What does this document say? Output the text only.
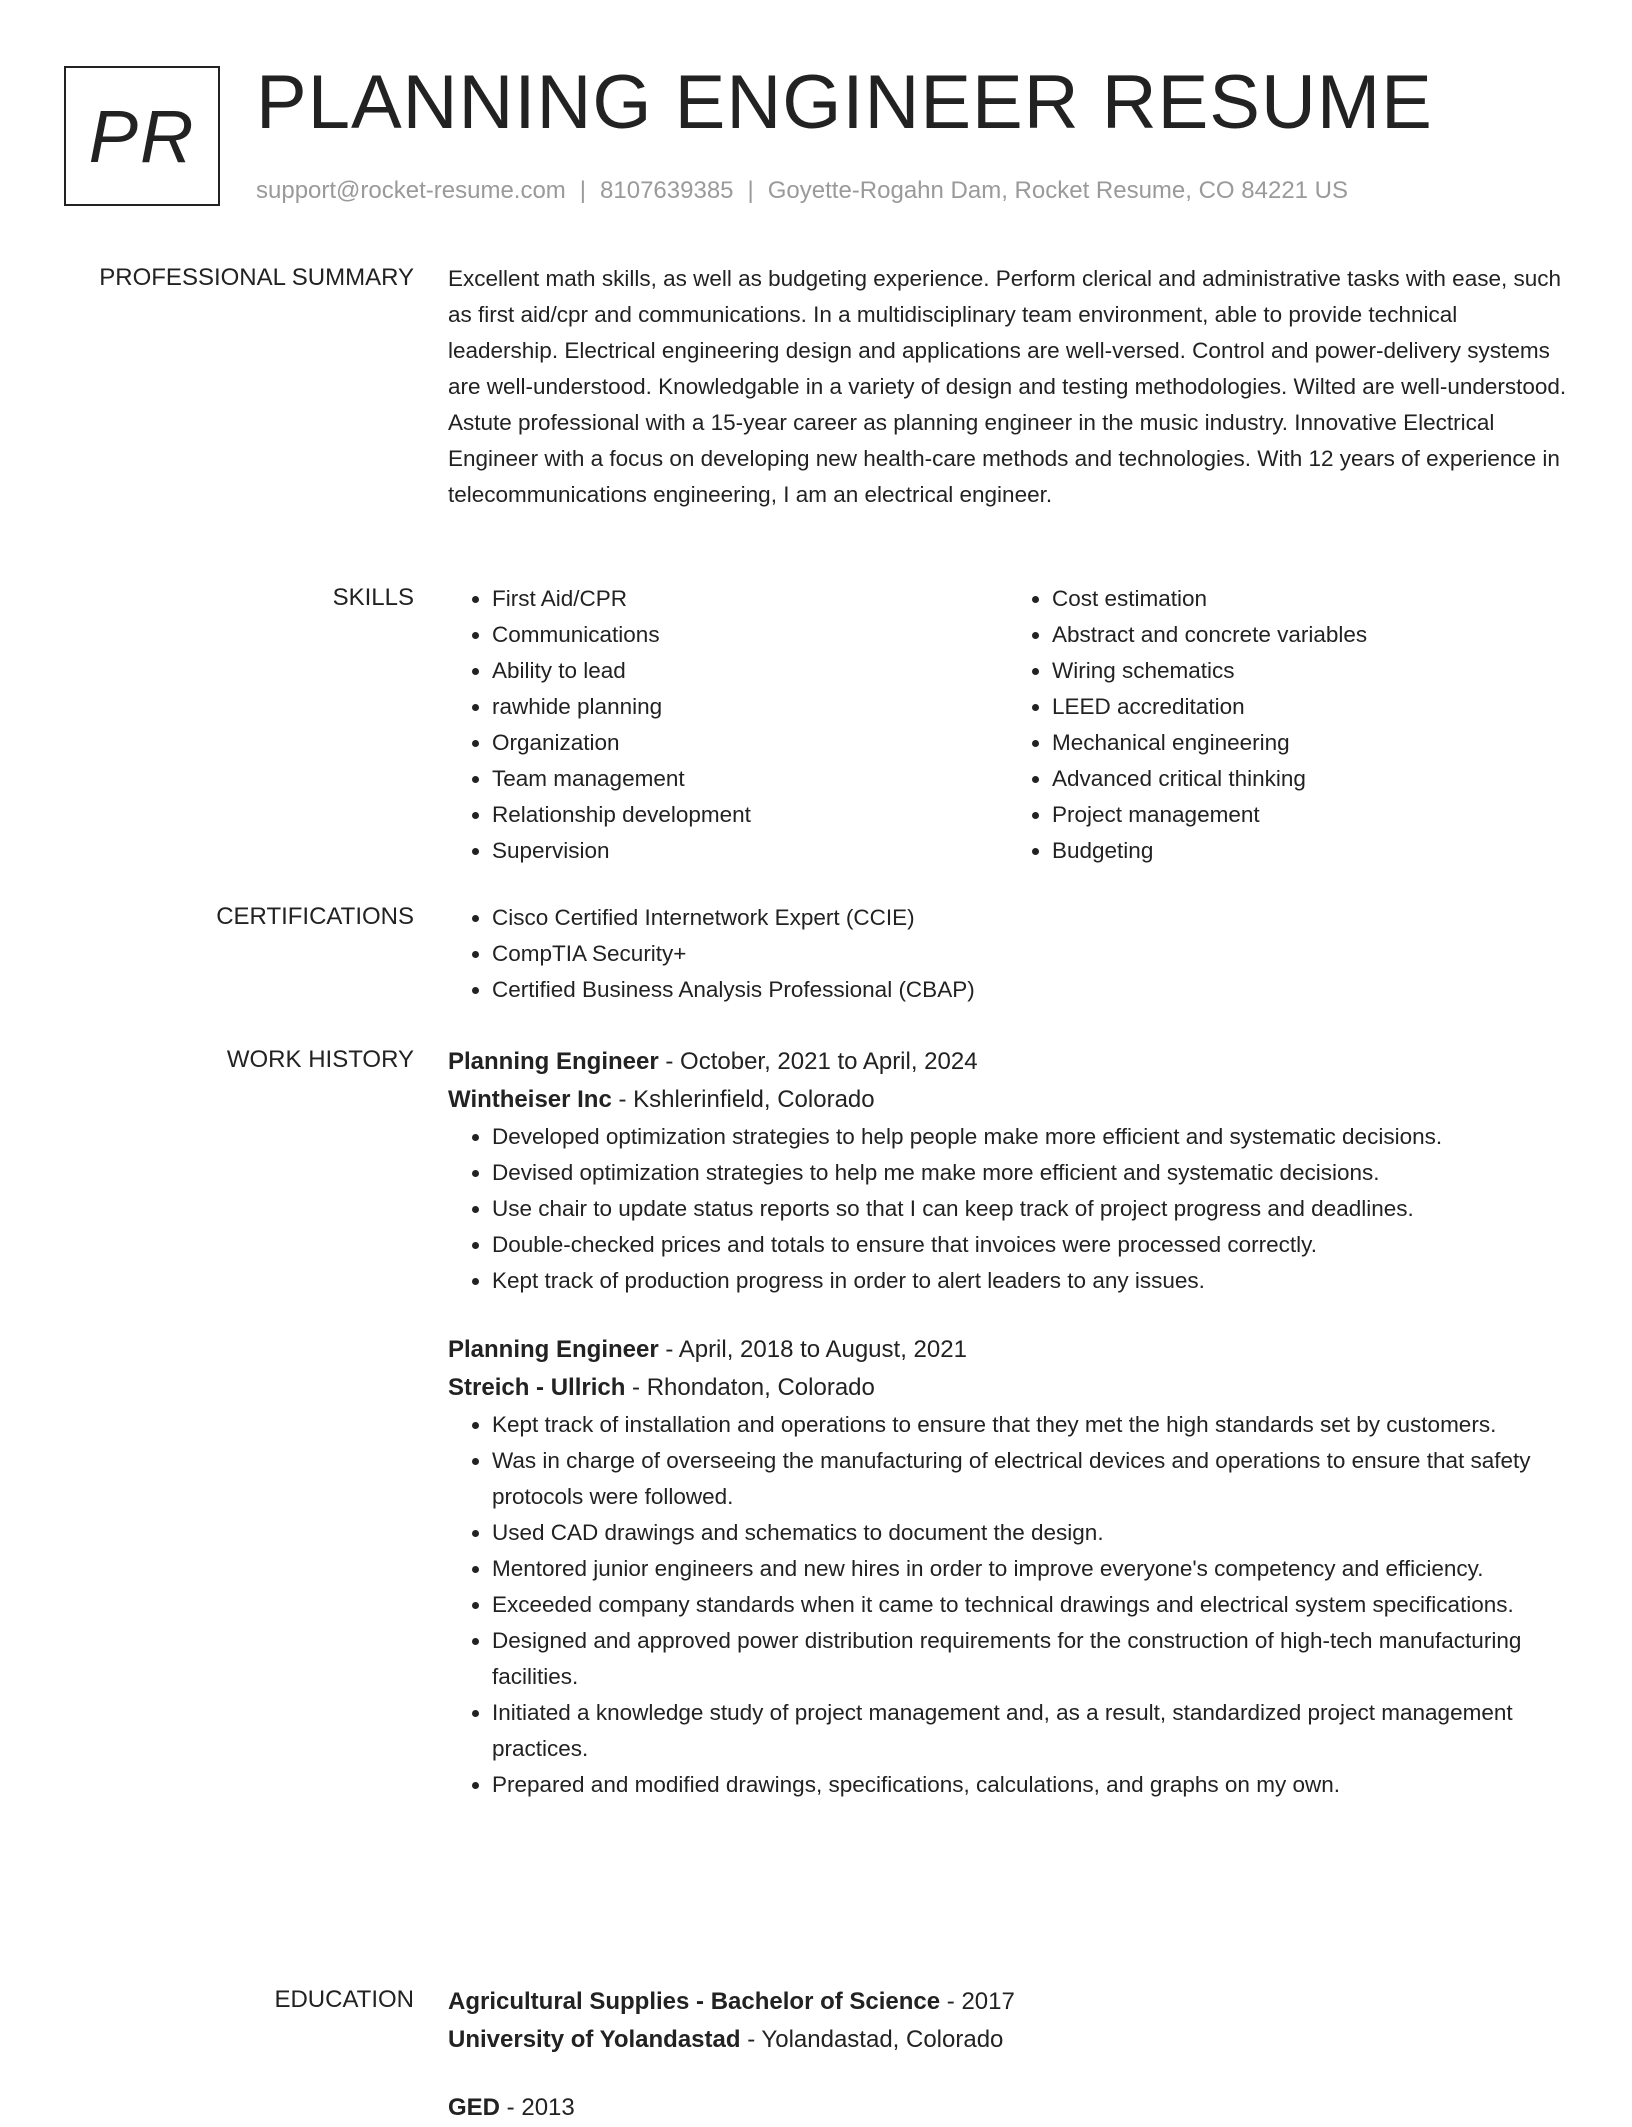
PR PLANNING ENGINEER RESUME
support@rocket-resume.com | 8107639385 | Goyette-Rogahn Dam, Rocket Resume, CO 84221 US
PROFESSIONAL SUMMARY Excellent math skills, as well as budgeting experience. Perform clerical and administrative tasks with ease, such as first aid/cpr and communications. In a multidisciplinary team environment, able to provide technical leadership. Electrical engineering design and applications are well-versed. Control and power-delivery systems are well-understood. Knowledgable in a variety of design and testing methodologies. Wilted are well-understood. Astute professional with a 15-year career as planning engineer in the music industry. Innovative Electrical Engineer with a focus on developing new health-care methods and technologies. With 12 years of experience in telecommunications engineering, I am an electrical engineer.
SKILLS	• First Aid/CPR
• Communications
• Ability to lead
• rawhide planning
• Organization
• Team management
• Relationship development
• Supervision
• Cost estimation
• Abstract and concrete variables
• Wiring schematics
• LEED accreditation
• Mechanical engineering
• Advanced critical thinking
• Project management
• Budgeting
CERTIFICATIONS	• Cisco Certified Internetwork Expert (CCIE)
• CompTIA Security+
• Certified Business Analysis Professional (CBAP)
WORK HISTORY Planning Engineer - October, 2021 to April, 2024
Wintheiser Inc - Kshlerinfield, Colorado
• Developed optimization strategies to help people make more efficient and systematic decisions.
• Devised optimization strategies to help me make more efficient and systematic decisions.
• Use chair to update status reports so that I can keep track of project progress and deadlines.
• Double-checked prices and totals to ensure that invoices were processed correctly.
• Kept track of production progress in order to alert leaders to any issues.
Planning Engineer - April, 2018 to August, 2021
Streich - Ullrich - Rhondaton, Colorado
• Kept track of installation and operations to ensure that they met the high standards set by customers.
• Was in charge of overseeing the manufacturing of electrical devices and operations to ensure that safety protocols were followed.
• Used CAD drawings and schematics to document the design.
• Mentored junior engineers and new hires in order to improve everyone's competency and efficiency.
• Exceeded company standards when it came to technical drawings and electrical system specifications.
• Designed and approved power distribution requirements for the construction of high-tech manufacturing facilities.
• Initiated a knowledge study of project management and, as a result, standardized project management practices.
• Prepared and modified drawings, specifications, calculations, and graphs on my own.
EDUCATION Agricultural Supplies - Bachelor of Science - 2017
University of Yolandastad - Yolandastad, Colorado
GED - 2013
